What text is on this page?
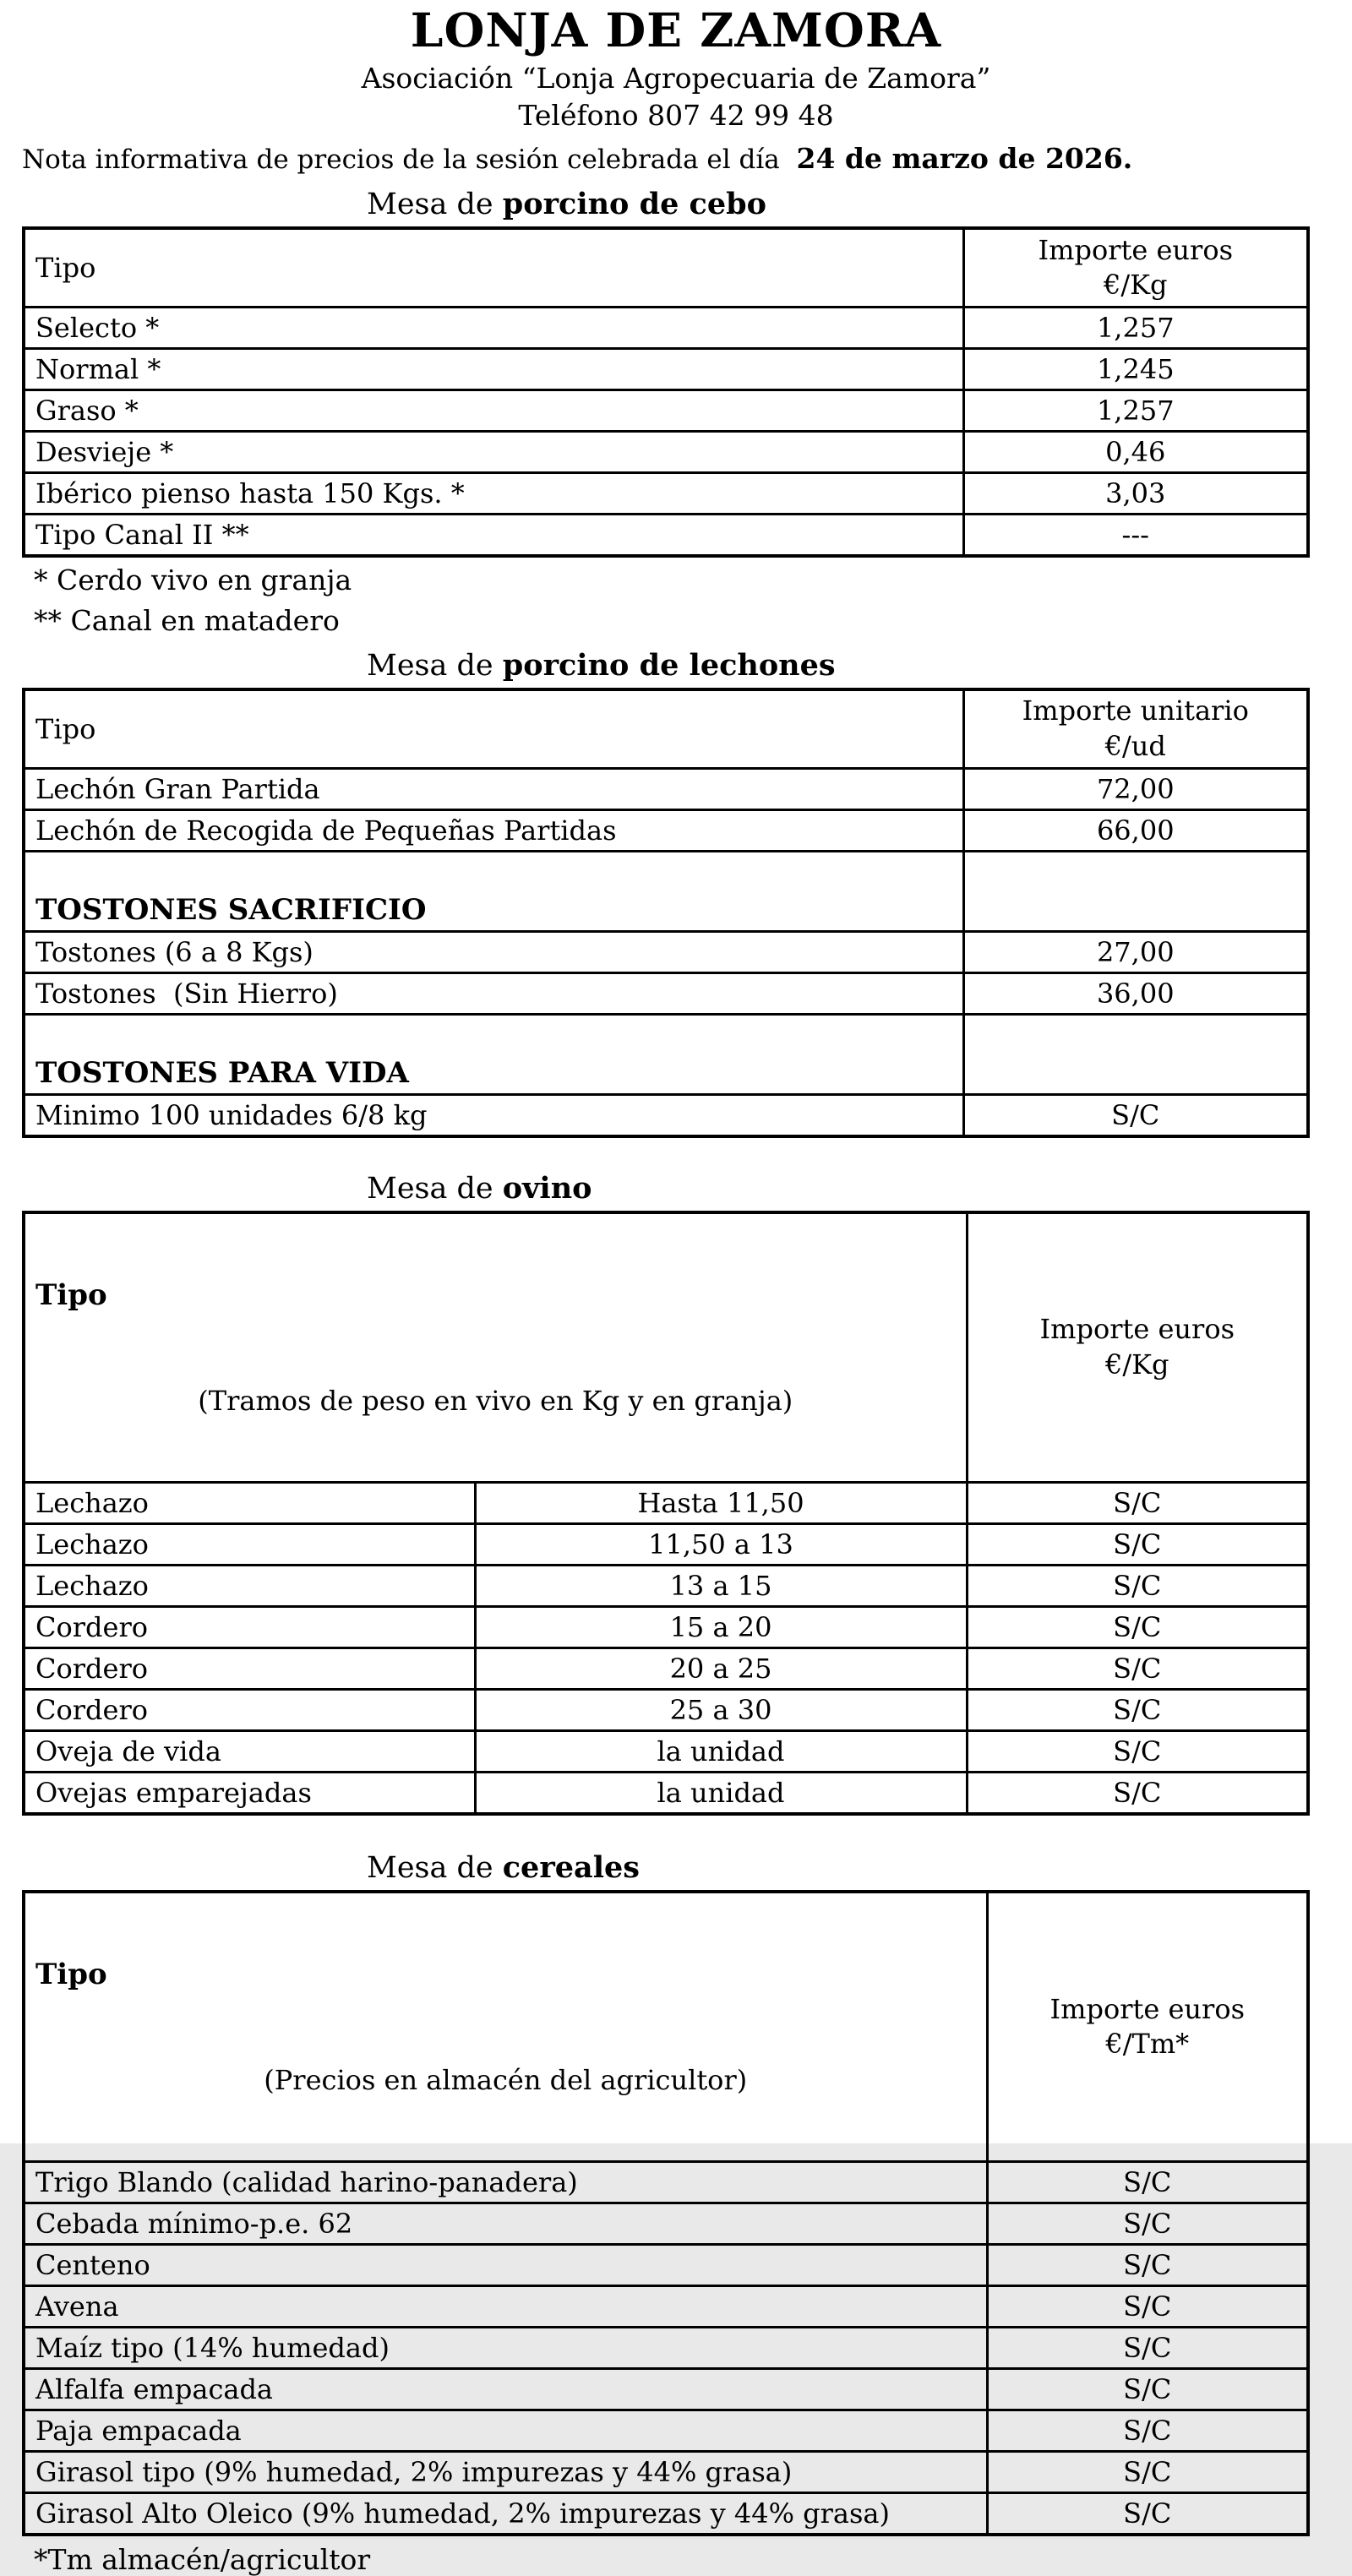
LONJA DE ZAMORA
Asociación “Lonja Agropecuaria de Zamora”
Teléfono 807 42 99 48
Nota informativa de precios de la sesión celebrada el día  24 de marzo de 2026.
Mesa de porcino de cebo
Tipo	Importe euros
€/Kg

Selecto *	1,257
Normal *	1,245
Graso *	1,257
Desvieje *	0,46
Ibérico pienso hasta 150 Kgs. *	3,03
Tipo Canal II **	---
* Cerdo vivo en granja
** Canal en matadero
Mesa de porcino de lechones
Tipo	Importe unitario
€/ud

Lechón Gran Partida	72,00
Lechón de Recogida de Pequeñas Partidas	66,00
TOSTONES SACRIFICIO	
Tostones (6 a 8 Kgs)	27,00
Tostones  (Sin Hierro)	36,00
TOSTONES PARA VIDA	
Minimo 100 unidades 6/8 kg	S/C
Mesa de ovino

Tipo

(Tramos de peso en vivo en Kg y en granja)

Importe euros
€/Kg

Lechazo	Hasta 11,50	S/C
Lechazo	11,50 a 13	S/C
Lechazo	13 a 15	S/C
Cordero	15 a 20	S/C
Cordero	20 a 25	S/C
Cordero	25 a 30	S/C
Oveja de vida	la unidad	S/C
Ovejas emparejadas	la unidad	S/C
Mesa de cereales

Tipo

(Precios en almacén del agricultor)

Importe euros
€/Tm*

Trigo Blando (calidad harino-panadera)	S/C
Cebada mínimo-p.e. 62	S/C
Centeno	S/C
Avena	S/C
Maíz tipo (14% humedad)	S/C
Alfalfa empacada	S/C
Paja empacada	S/C
Girasol tipo (9% humedad, 2% impurezas y 44% grasa)	S/C
Girasol Alto Oleico (9% humedad, 2% impurezas y 44% grasa)	S/C
*Tm almacén/agricultor
